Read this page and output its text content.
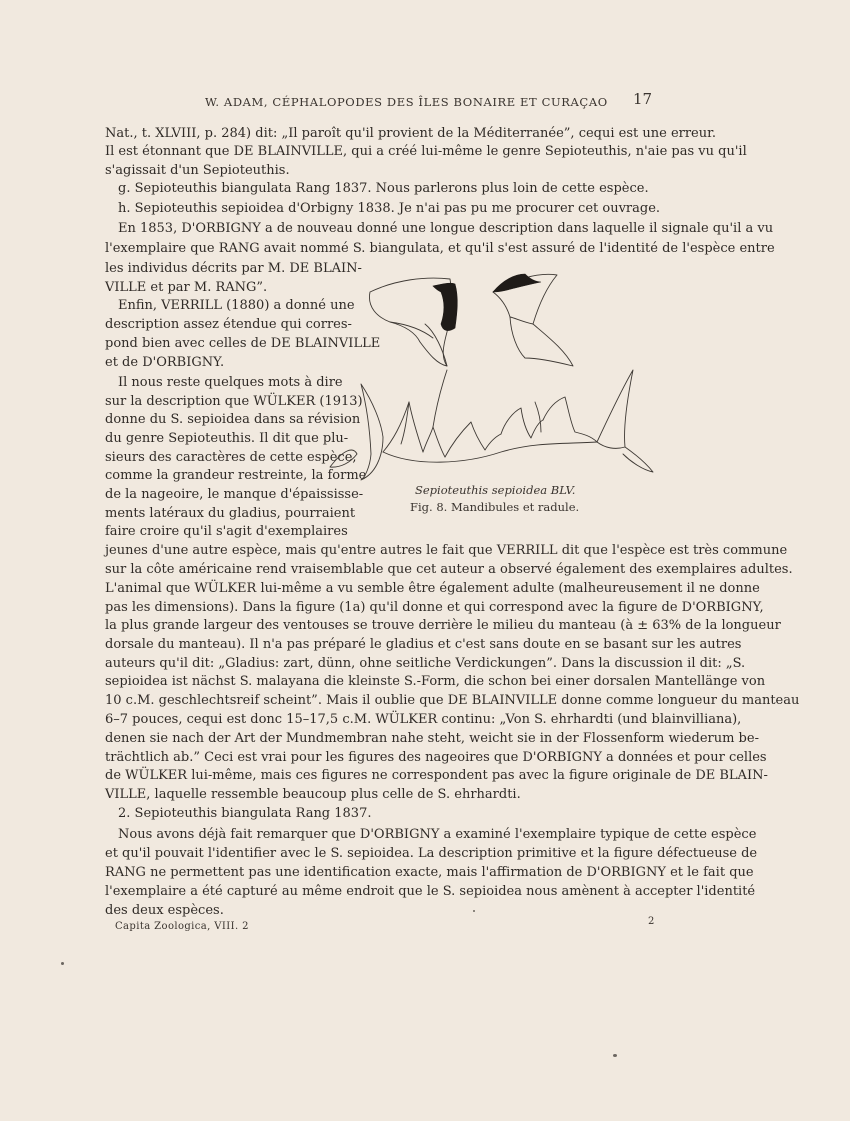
W. ADAM, CÉPHALOPODES DES ÎLES BONAIRE ET CURAÇAO 17
Nat., t. XLVIII, p. 284) dit: „Il paroît qu'il provient de la Méditerranée”, cequi est une erreur.
Il est étonnant que DE BLAINVILLE, qui a créé lui-même le genre Sepioteuthis, n'aie pas vu qu'il
s'agissait d'un Sepioteuthis.
g. Sepioteuthis biangulata Rang 1837. Nous parlerons plus loin de cette espèce.
h. Sepioteuthis sepioidea d'Orbigny 1838. Je n'ai pas pu me procurer cet ouvrage.
En 1853, D'ORBIGNY a de nouveau donné une longue description dans laquelle il signale qu'il a vu
l'exemplaire que RANG avait nommé S. biangulata, et qu'il s'est assuré de l'identité de l'espèce entre
les individus décrits par M. DE BLAIN-
VILLE et par M. RANG”.
Enfin, VERRILL (1880) a donné une
description assez étendue qui corres-
pond bien avec celles de DE BLAINVILLE
et de D'ORBIGNY.
Il nous reste quelques mots à dire
sur la description que WÜLKER (1913)
donne du S. sepioidea dans sa révision
du genre Sepioteuthis. Il dit que plu-
sieurs des caractères de cette espèce,
comme la grandeur restreinte, la forme
de la nageoire, le manque d'épaississe-
ments latéraux du gladius, pourraient
faire croire qu'il s'agit d'exemplaires
jeunes d'une autre espèce, mais qu'entre autres le fait que VERRILL dit que l'espèce est très commune
sur la côte américaine rend vraisemblable que cet auteur a observé également des exemplaires adultes.
L'animal que WÜLKER lui-même a vu semble être également adulte (malheureusement il ne donne
pas les dimensions). Dans la figure (1a) qu'il donne et qui correspond avec la figure de D'ORBIGNY,
la plus grande largeur des ventouses se trouve derrière le milieu du manteau (à ± 63% de la longueur
dorsale du manteau). Il n'a pas préparé le gladius et c'est sans doute en se basant sur les autres
auteurs qu'il dit: „Gladius: zart, dünn, ohne seitliche Verdickungen”. Dans la discussion il dit: „S.
sepioidea ist nächst S. malayana die kleinste S.-Form, die schon bei einer dorsalen Mantellänge von
10 c.M. geschlechtsreif scheint”. Mais il oublie que DE BLAINVILLE donne comme longueur du manteau
6–7 pouces, cequi est donc 15–17,5 c.M. WÜLKER continu: „Von S. ehrhardti (und blainvilliana),
denen sie nach der Art der Mundmembran nahe steht, weicht sie in der Flossenform wiederum be-
trächtlich ab.” Ceci est vrai pour les figures des nageoires que D'ORBIGNY a données et pour celles
de WÜLKER lui-même, mais ces figures ne correspondent pas avec la figure originale de DE BLAIN-
VILLE, laquelle ressemble beaucoup plus celle de S. ehrhardti.
2. Sepioteuthis biangulata Rang 1837.
Nous avons déjà fait remarquer que D'ORBIGNY a examiné l'exemplaire typique de cette espèce
et qu'il pouvait l'identifier avec le S. sepioidea. La description primitive et la figure défectueuse de
RANG ne permettent pas une identification exacte, mais l'affirmation de D'ORBIGNY et le fait que
l'exemplaire a été capturé au même endroit que le S. sepioidea nous amènent à accepter l'identité
des deux espèces.
Sepioteuthis sepioidea BLV.
Fig. 8. Mandibules et radule.
Capita Zoologica, VIII. 2	2
